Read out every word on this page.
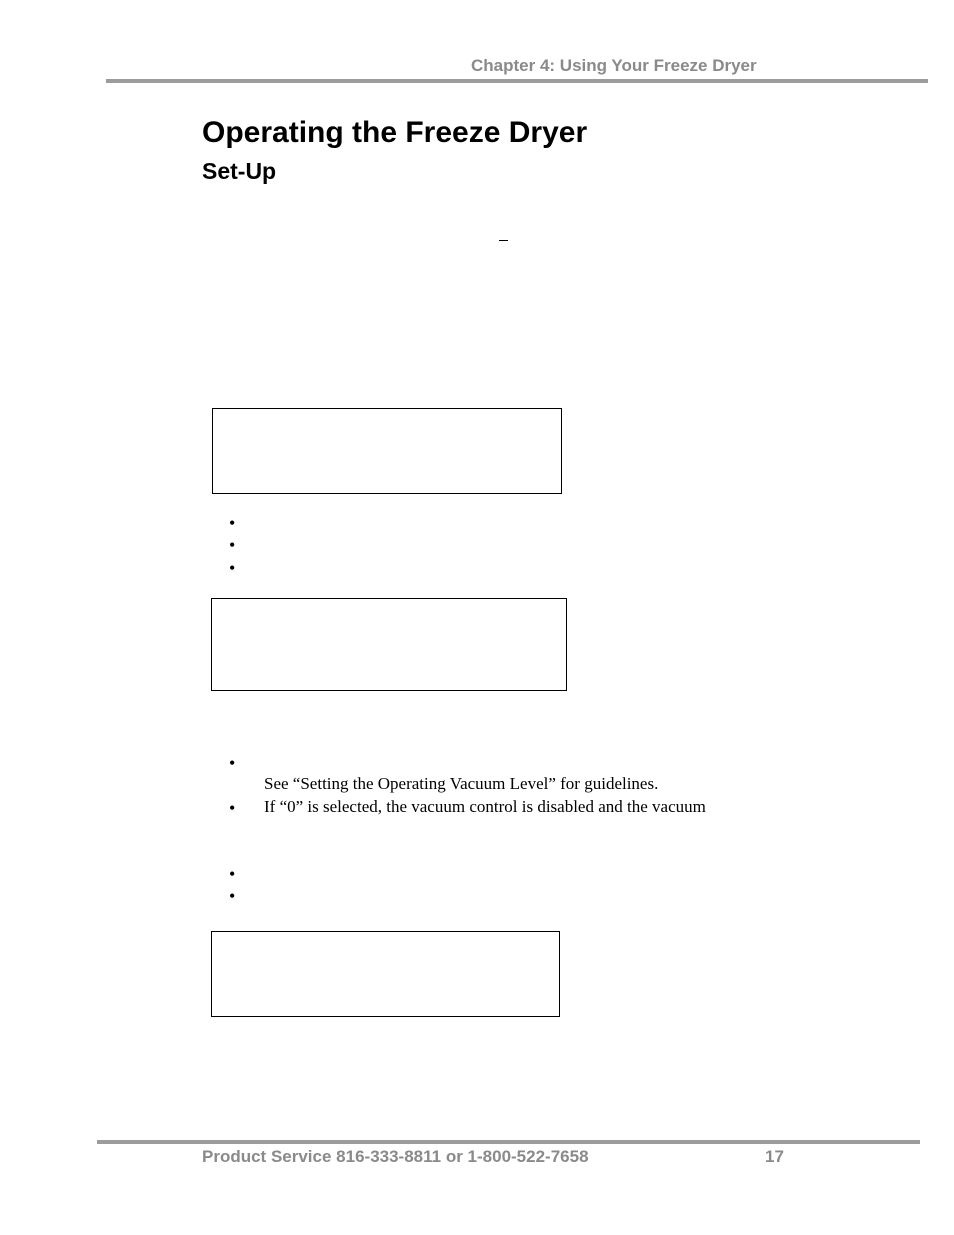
Chapter 4: Using Your Freeze Dryer
Operating the Freeze Dryer
Set-Up
•
•
•
•
See “Setting the Operating Vacuum Level” for guidelines.
• If “0” is selected, the vacuum control is disabled and the vacuum
•
•
Product Service 816-333-8811 or 1-800-522-7658	17
